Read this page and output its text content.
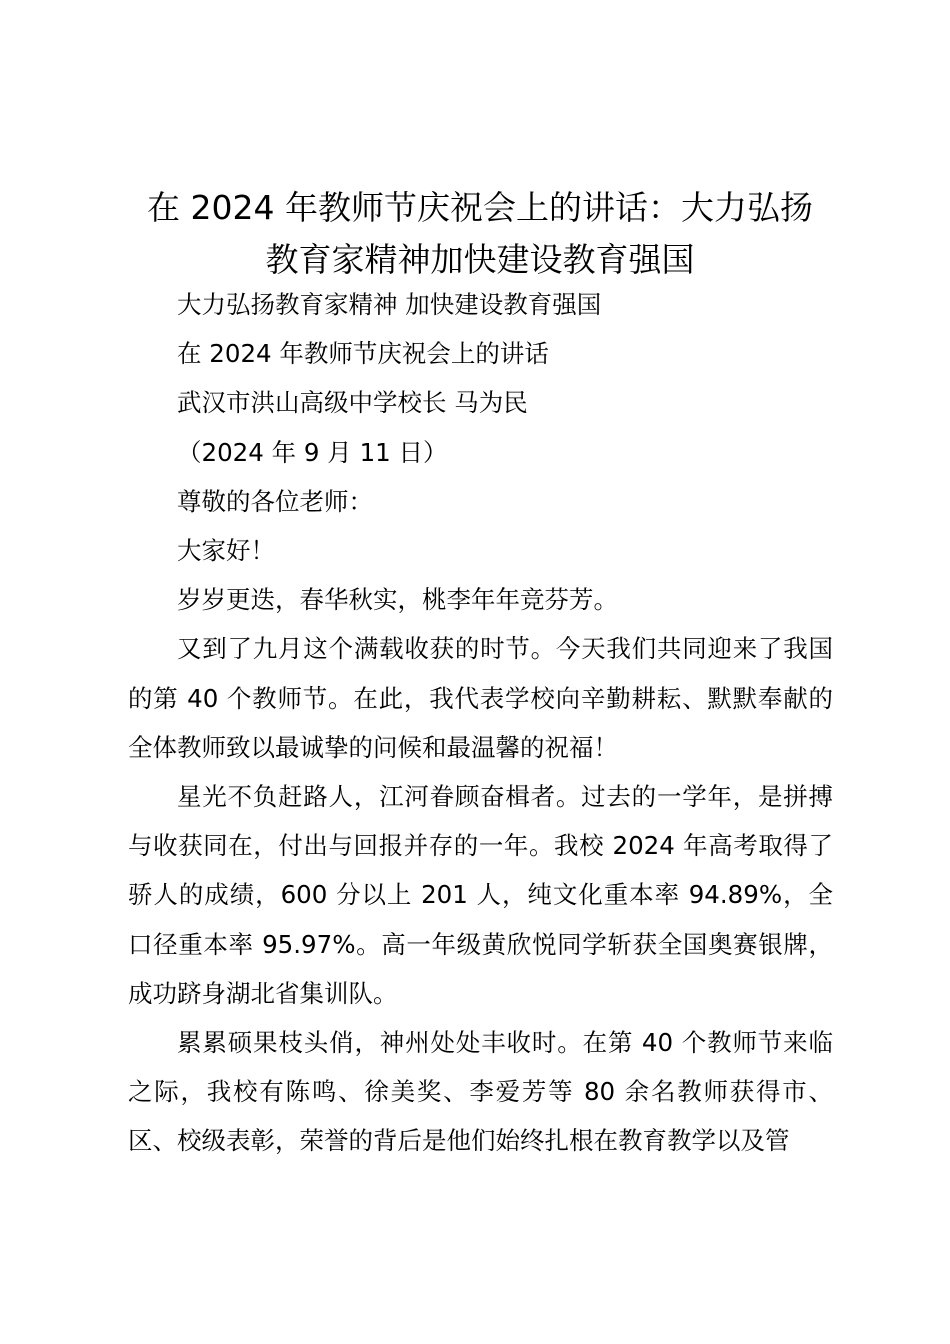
在 2024 年教师节庆祝会上的讲话：大力弘扬
教育家精神加快建设教育强国

大力弘扬教育家精神 加快建设教育强国

在 2024 年教师节庆祝会上的讲话

武汉市洪山高级中学校长 马为民

（2024 年 9 月 11 日）

尊敬的各位老师：

大家好！

岁岁更迭，春华秋实，桃李年年竞芬芳。

又到了九月这个满载收获的时节。今天我们共同迎来了我国的第 40 个教师节。在此，我代表学校向辛勤耕耘、默默奉献的全体教师致以最诚挚的问候和最温馨的祝福！

星光不负赶路人，江河眷顾奋楫者。过去的一学年，是拼搏与收获同在，付出与回报并存的一年。我校 2024 年高考取得了骄人的成绩，600 分以上 201 人，纯文化重本率 94.89%，全口径重本率 95.97%。高一年级黄欣悦同学斩获全国奥赛银牌，成功跻身湖北省集训队。

累累硕果枝头俏，神州处处丰收时。在第 40 个教师节来临之际，我校有陈鸣、徐美奖、李爱芳等 80 余名教师获得市、区、校级表彰，荣誉的背后是他们始终扎根在教育教学以及管
